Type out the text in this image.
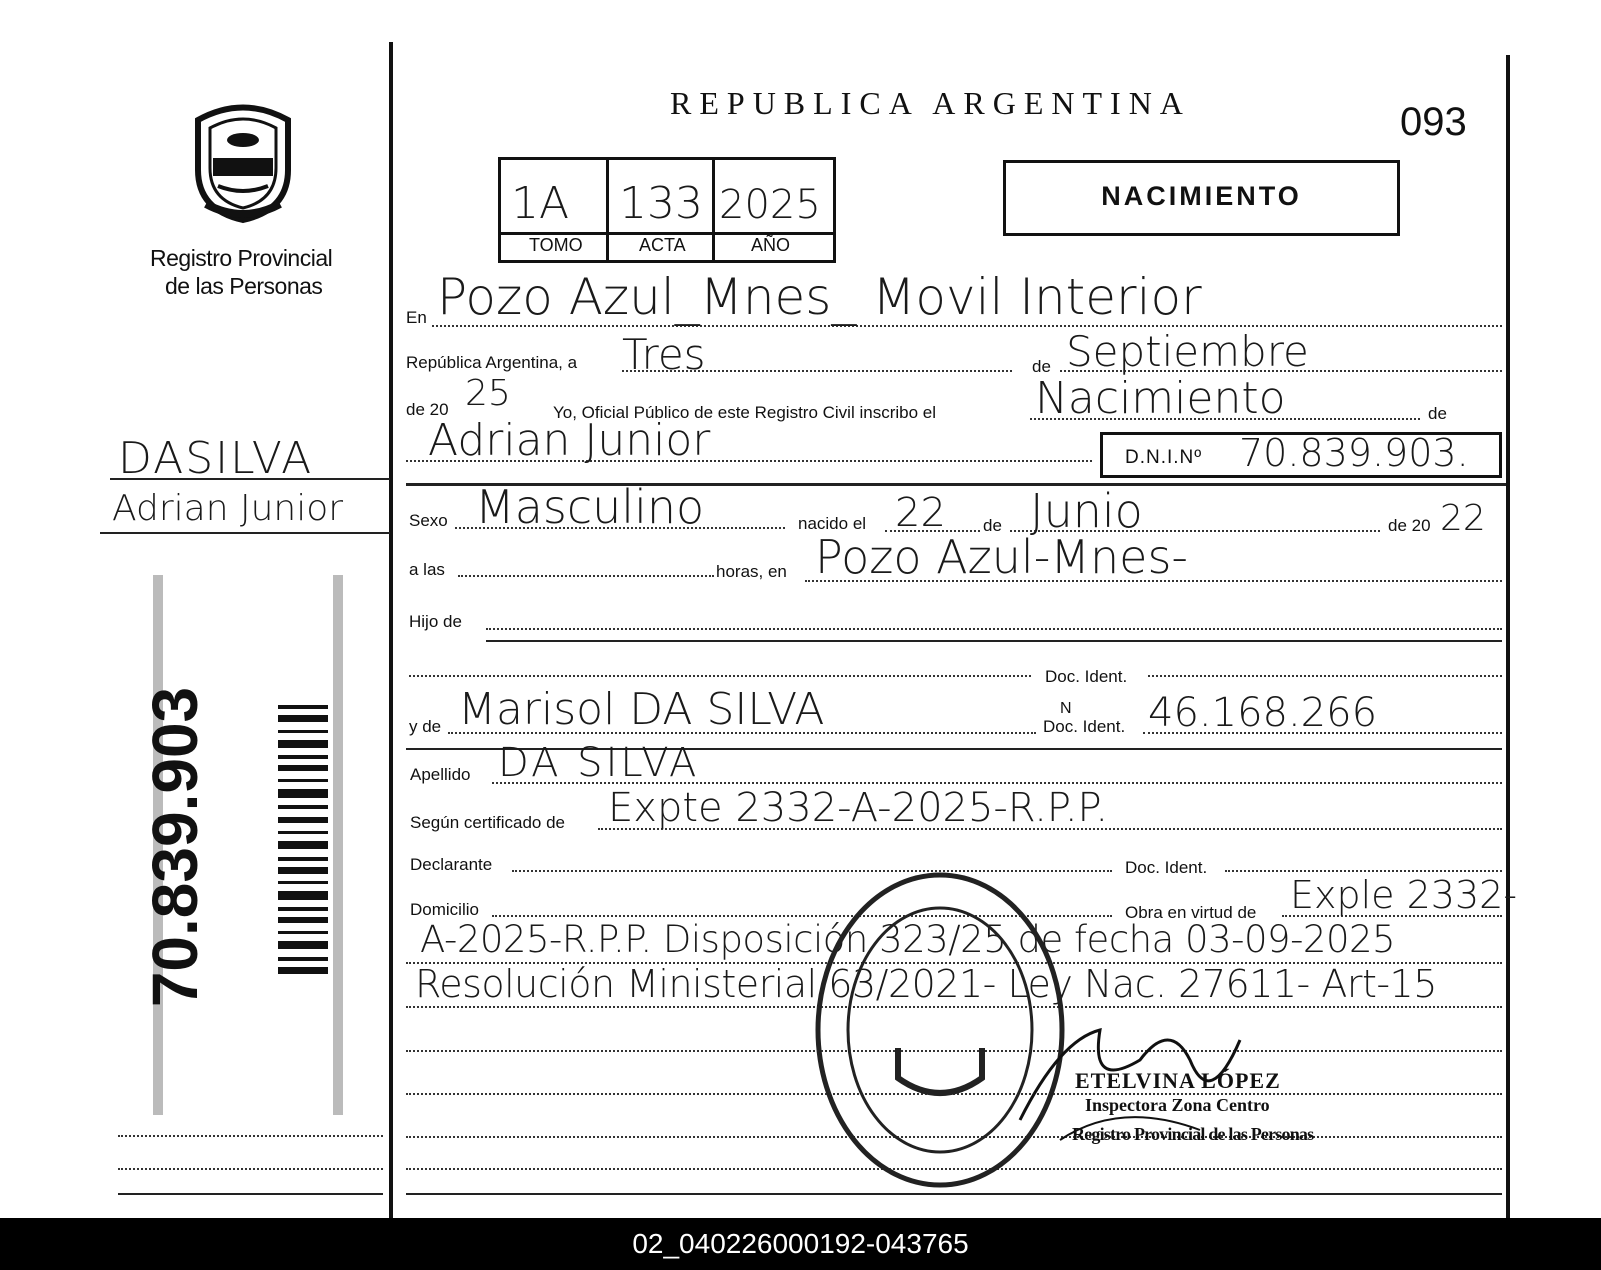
REPUBLICA ARGENTINA	093
Registro Provincial
de las Personas
1A 133 2025
TOMO	ACTA	AÑO
NACIMIENTO
DASILVA
Adrian Junior
70.839.903
En Pozo Azul_Mnes_ Movil Interior
República Argentina, a Tres	de Septiembre
de 20 25 Yo, Oficial Público de este Registro Civil inscribo el Nacimiento	de
Adrian Junior	D.N.I.Nº 70.839.903.
Sexo Masculino	nacido el 22 de Junio	de 20 22
a las	horas, en Pozo Azul-Mnes-
Hijo de
Doc. Ident.
y de Marisol DA SILVA	N
Doc. Ident. 46.168.266
Apellido DA SILVA
Según certificado de Expte 2332-A-2025-R.P.P.
Declarante	Doc. Ident.
Domicilio	Obra en virtud de Exple 2332-
A-2025-R.P.P. Disposición 323/25 de fecha 03-09-2025
Resolución Ministerial 63/2021- Ley Nac. 27611- Art-15
ETELVINA LÓPEZ
Inspectora Zona Centro
Registro Provincial de las Personas
02_040226000192-043765
